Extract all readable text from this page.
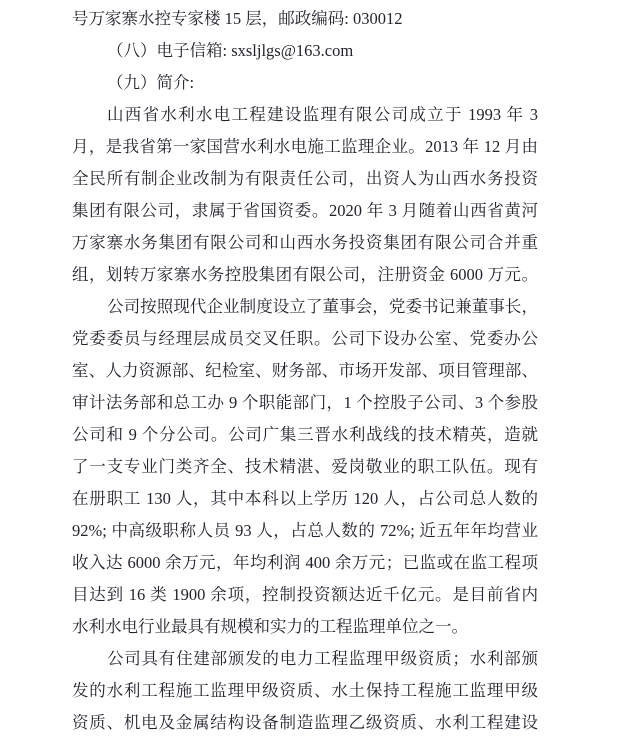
号万家寨水控专家楼 15 层，邮政编码: 030012
（八）电子信箱: sxsljlgs@163.com
（九）简介:
山西省水利水电工程建设监理有限公司成立于 1993 年 3
月，是我省第一家国营水利水电施工监理企业。2013 年 12 月由
全民所有制企业改制为有限责任公司，出资人为山西水务投资
集团有限公司，隶属于省国资委。2020 年 3 月随着山西省黄河
万家寨水务集团有限公司和山西水务投资集团有限公司合并重
组，划转万家寨水务控股集团有限公司，注册资金 6000 万元。
公司按照现代企业制度设立了董事会，党委书记兼董事长，
党委委员与经理层成员交叉任职。公司下设办公室、党委办公
室、人力资源部、纪检室、财务部、市场开发部、项目管理部、
审计法务部和总工办 9 个职能部门，1 个控股子公司、3 个参股
公司和 9 个分公司。公司广集三晋水利战线的技术精英，造就
了一支专业门类齐全、技术精湛、爱岗敬业的职工队伍。现有
在册职工 130 人，其中本科以上学历 120 人，占公司总人数的
92%; 中高级职称人员 93 人，占总人数的 72%; 近五年年均营业
收入达 6000 余万元，年均利润 400 余万元；已监或在监工程项
目达到 16 类 1900 余项，控制投资额达近千亿元。是目前省内
水利水电行业最具有规模和实力的工程监理单位之一。
公司具有住建部颁发的电力工程监理甲级资质；水利部颁
发的水利工程施工监理甲级资质、水土保持工程施工监理甲级
资质、机电及金属结构设备制造监理乙级资质、水利工程建设
